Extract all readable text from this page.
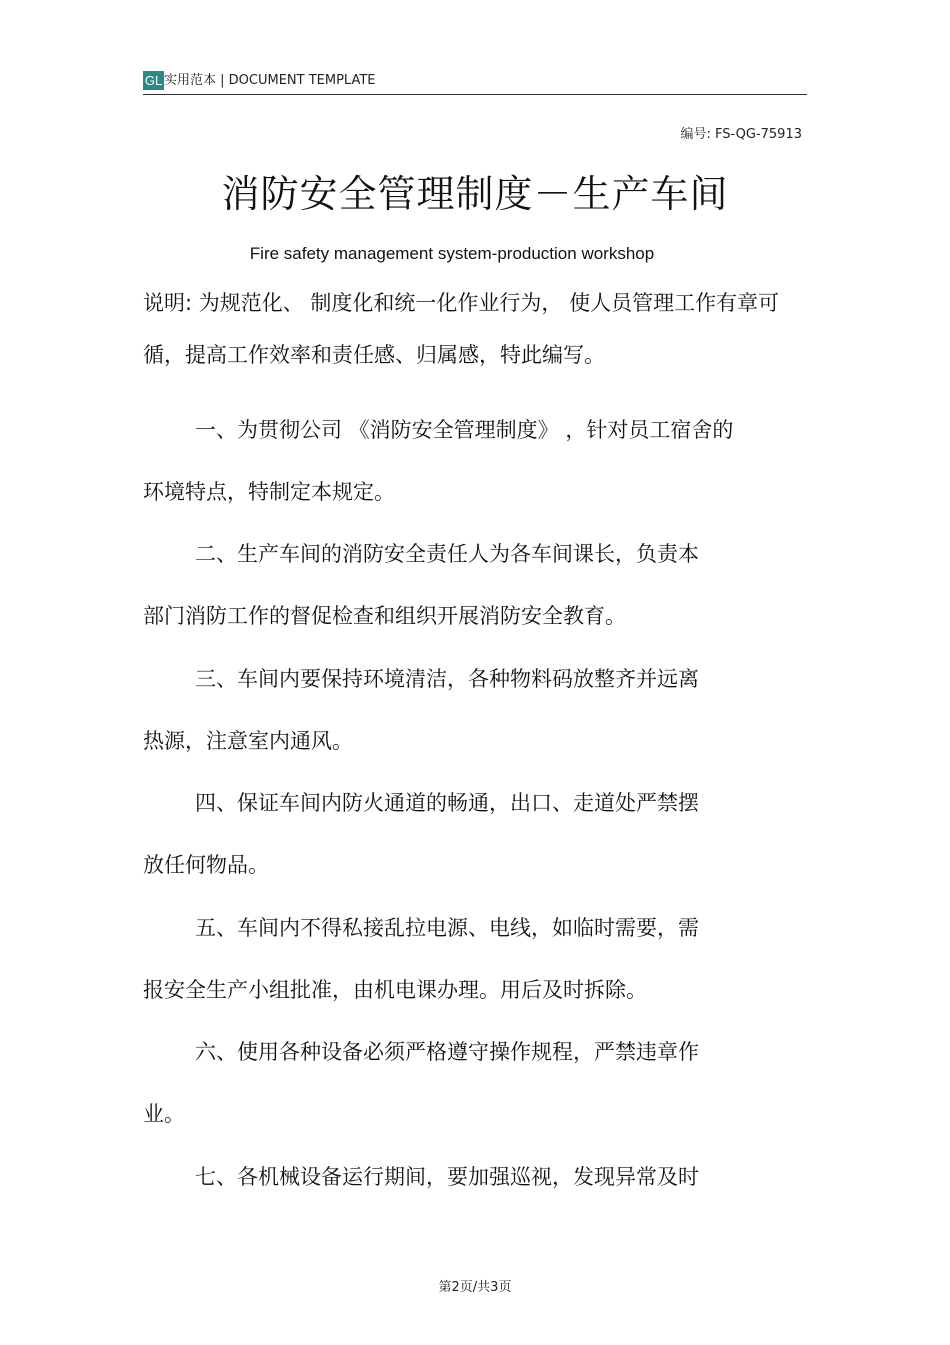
GL 实用范本 | DOCUMENT TEMPLATE
编号: FS-QG-75913
消防安全管理制度－生产车间
Fire safety management system-production workshop
说明: 为规范化、 制度化和统一化作业行为， 使人员管理工作有章可
循，提高工作效率和责任感、归属感，特此编写。
一、为贯彻公司 《消防安全管理制度》 ，针对员工宿舍的
环境特点，特制定本规定。
二、生产车间的消防安全责任人为各车间课长，负责本
部门消防工作的督促检查和组织开展消防安全教育。
三、车间内要保持环境清洁，各种物料码放整齐并远离
热源，注意室内通风。
四、保证车间内防火通道的畅通，出口、走道处严禁摆
放任何物品。
五、车间内不得私接乱拉电源、电线，如临时需要，需
报安全生产小组批准，由机电课办理。用后及时拆除。
六、使用各种设备必须严格遵守操作规程，严禁违章作
业。
七、各机械设备运行期间，要加强巡视，发现异常及时
第2页/共3页
